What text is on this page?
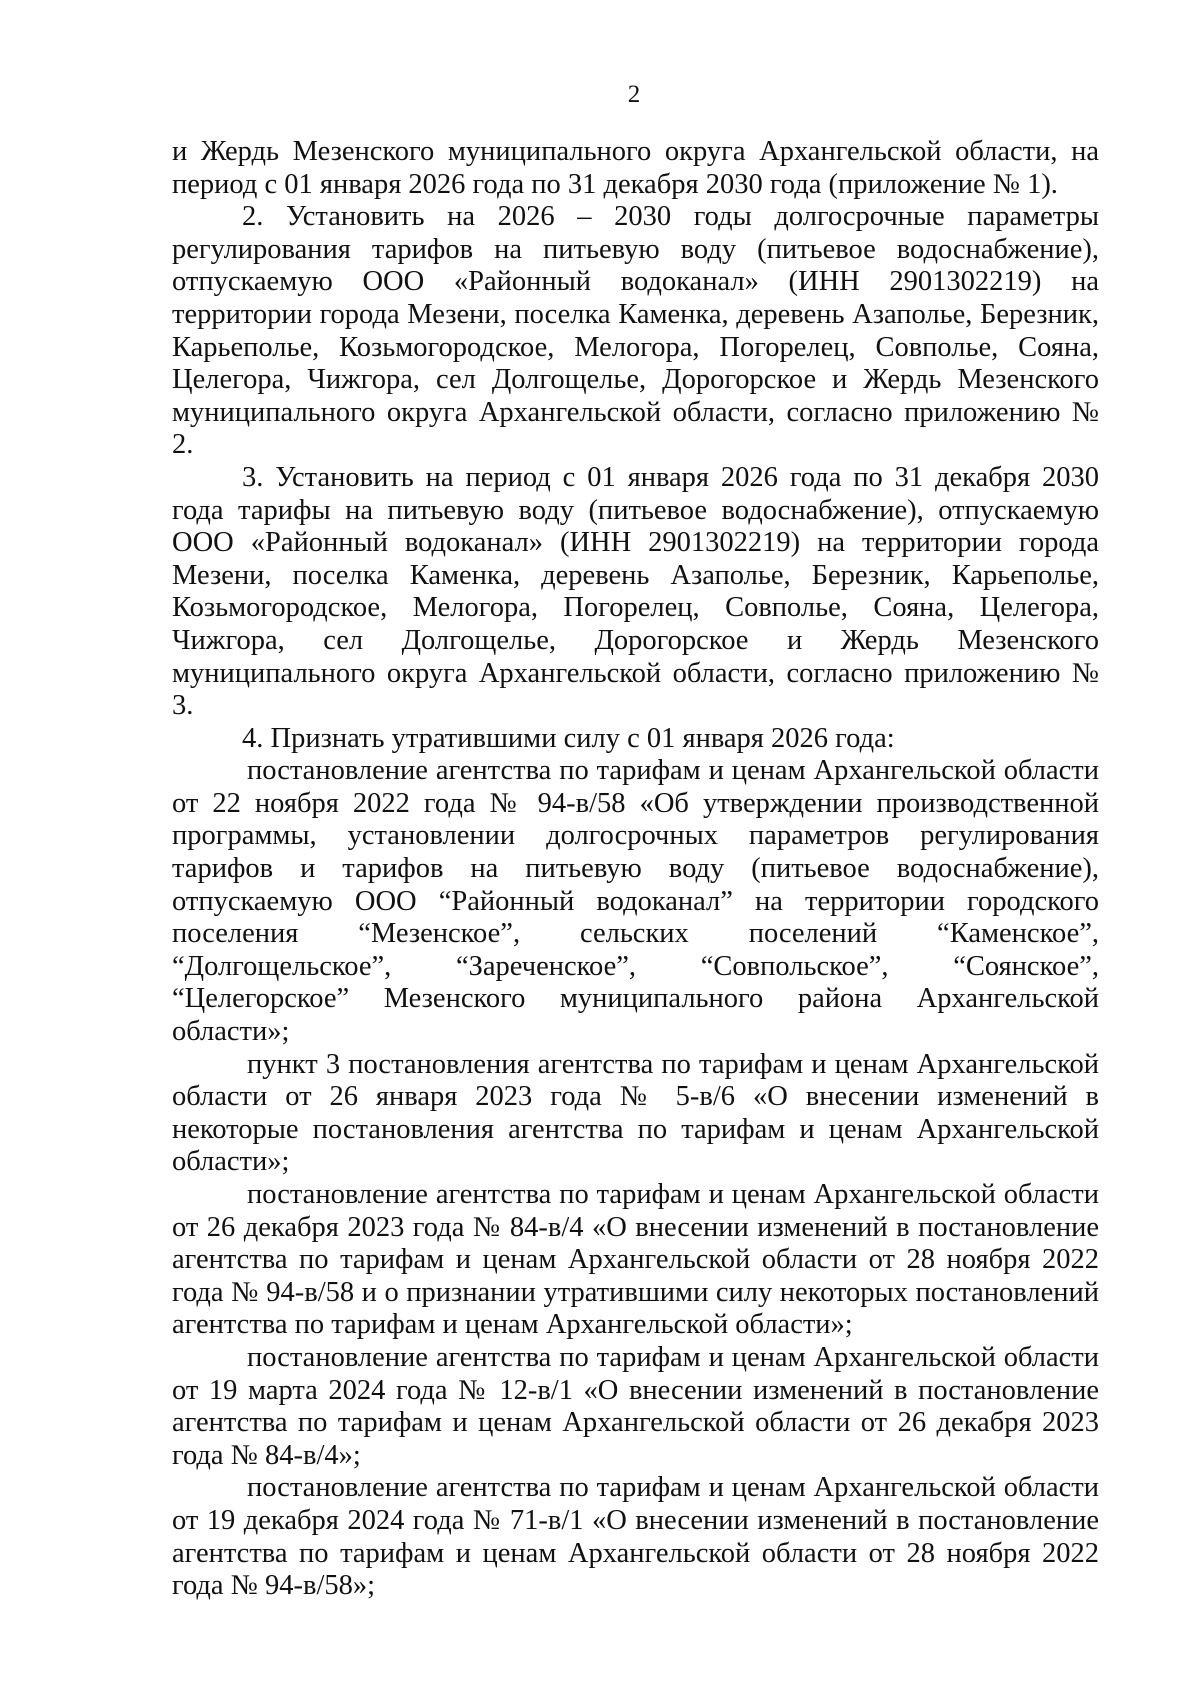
2

и Жердь Мезенского муниципального округа Архангельской области, на период с 01 января 2026 года по 31 декабря 2030 года (приложение № 1).

2. Установить на 2026 – 2030 годы долгосрочные параметры регулирования тарифов на питьевую воду (питьевое водоснабжение), отпускаемую ООО «Районный водоканал» (ИНН 2901302219) на территории города Мезени, поселка Каменка, деревень Азаполье, Березник, Карьеполье, Козьмогородское, Мелогора, Погорелец, Совполье, Сояна, Целегора, Чижгора, сел Долгощелье, Дорогорское и Жердь Мезенского муниципального округа Архангельской области, согласно приложению № 2.

3. Установить на период с 01 января 2026 года по 31 декабря 2030 года тарифы на питьевую воду (питьевое водоснабжение), отпускаемую ООО «Районный водоканал» (ИНН 2901302219) на территории города Мезени, поселка Каменка, деревень Азаполье, Березник, Карьеполье, Козьмогородское, Мелогора, Погорелец, Совполье, Сояна, Целегора, Чижгора, сел Долгощелье, Дорогорское и Жердь Мезенского муниципального округа Архангельской области, согласно приложению № 3.

4. Признать утратившими силу с 01 января 2026 года:

постановление агентства по тарифам и ценам Архангельской области от 22 ноября 2022 года № 94-в/58 «Об утверждении производственной программы, установлении долгосрочных параметров регулирования тарифов и тарифов на питьевую воду (питьевое водоснабжение), отпускаемую ООО “Районный водоканал” на территории городского поселения “Мезенское”, сельских поселений “Каменское”, “Долгощельское”, “Зареченское”, “Совпольское”, “Соянское”, “Целегорское” Мезенского муниципального района Архангельской области»;

пункт 3 постановления агентства по тарифам и ценам Архангельской области от 26 января 2023 года № 5-в/6 «О внесении изменений в некоторые постановления агентства по тарифам и ценам Архангельской области»;

постановление агентства по тарифам и ценам Архангельской области от 26 декабря 2023 года № 84-в/4 «О внесении изменений в постановление агентства по тарифам и ценам Архангельской области от 28 ноября 2022 года № 94-в/58 и о признании утратившими силу некоторых постановлений агентства по тарифам и ценам Архангельской области»;

постановление агентства по тарифам и ценам Архангельской области от 19 марта 2024 года № 12-в/1 «О внесении изменений в постановление агентства по тарифам и ценам Архангельской области от 26 декабря 2023 года № 84-в/4»;

постановление агентства по тарифам и ценам Архангельской области от 19 декабря 2024 года № 71-в/1 «О внесении изменений в постановление агентства по тарифам и ценам Архангельской области от 28 ноября 2022 года № 94-в/58»;
